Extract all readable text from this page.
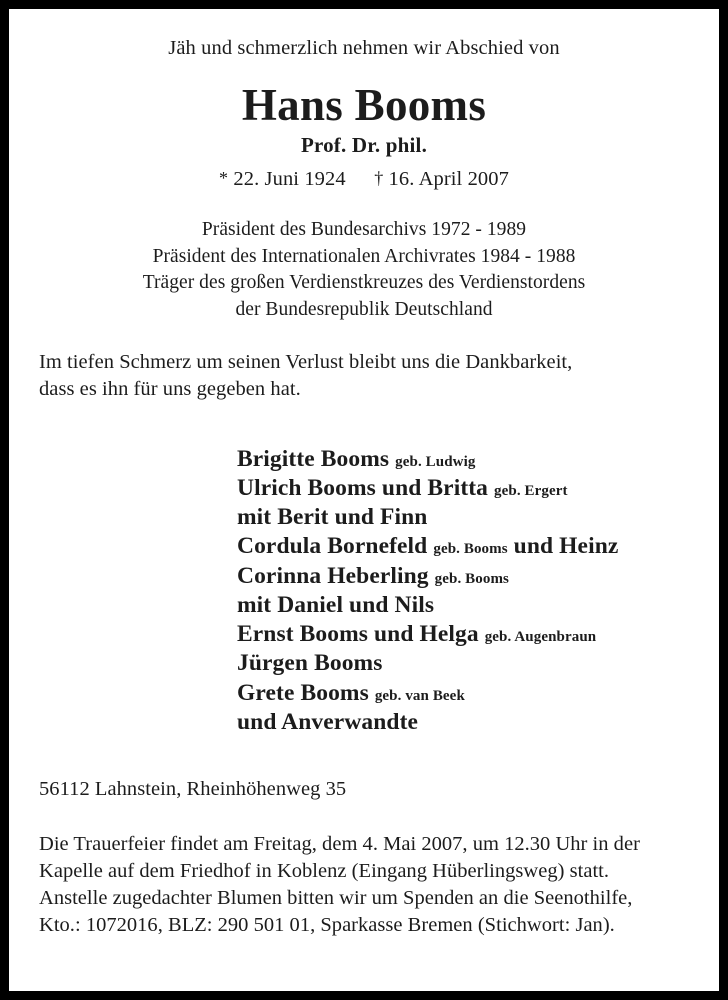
Jäh und schmerzlich nehmen wir Abschied von
Hans Booms
Prof. Dr. phil.
* 22. Juni 1924 † 16. April 2007
Präsident des Bundesarchivs 1972 - 1989
Präsident des Internationalen Archivrates 1984 - 1988
Träger des großen Verdienstkreuzes des Verdienstordens
der Bundesrepublik Deutschland
Im tiefen Schmerz um seinen Verlust bleibt uns die Dankbarkeit,
dass es ihn für uns gegeben hat.
Brigitte Booms geb. Ludwig
Ulrich Booms und Britta geb. Ergert
mit Berit und Finn
Cordula Bornefeld geb. Booms und Heinz
Corinna Heberling geb. Booms
mit Daniel und Nils
Ernst Booms und Helga geb. Augenbraun
Jürgen Booms
Grete Booms geb. van Beek
und Anverwandte
56112 Lahnstein, Rheinhöhenweg 35
Die Trauerfeier findet am Freitag, dem 4. Mai 2007, um 12.30 Uhr in der
Kapelle auf dem Friedhof in Koblenz (Eingang Hüberlingsweg) statt.
Anstelle zugedachter Blumen bitten wir um Spenden an die Seenothilfe,
Kto.: 1072016, BLZ: 290 501 01, Sparkasse Bremen (Stichwort: Jan).
